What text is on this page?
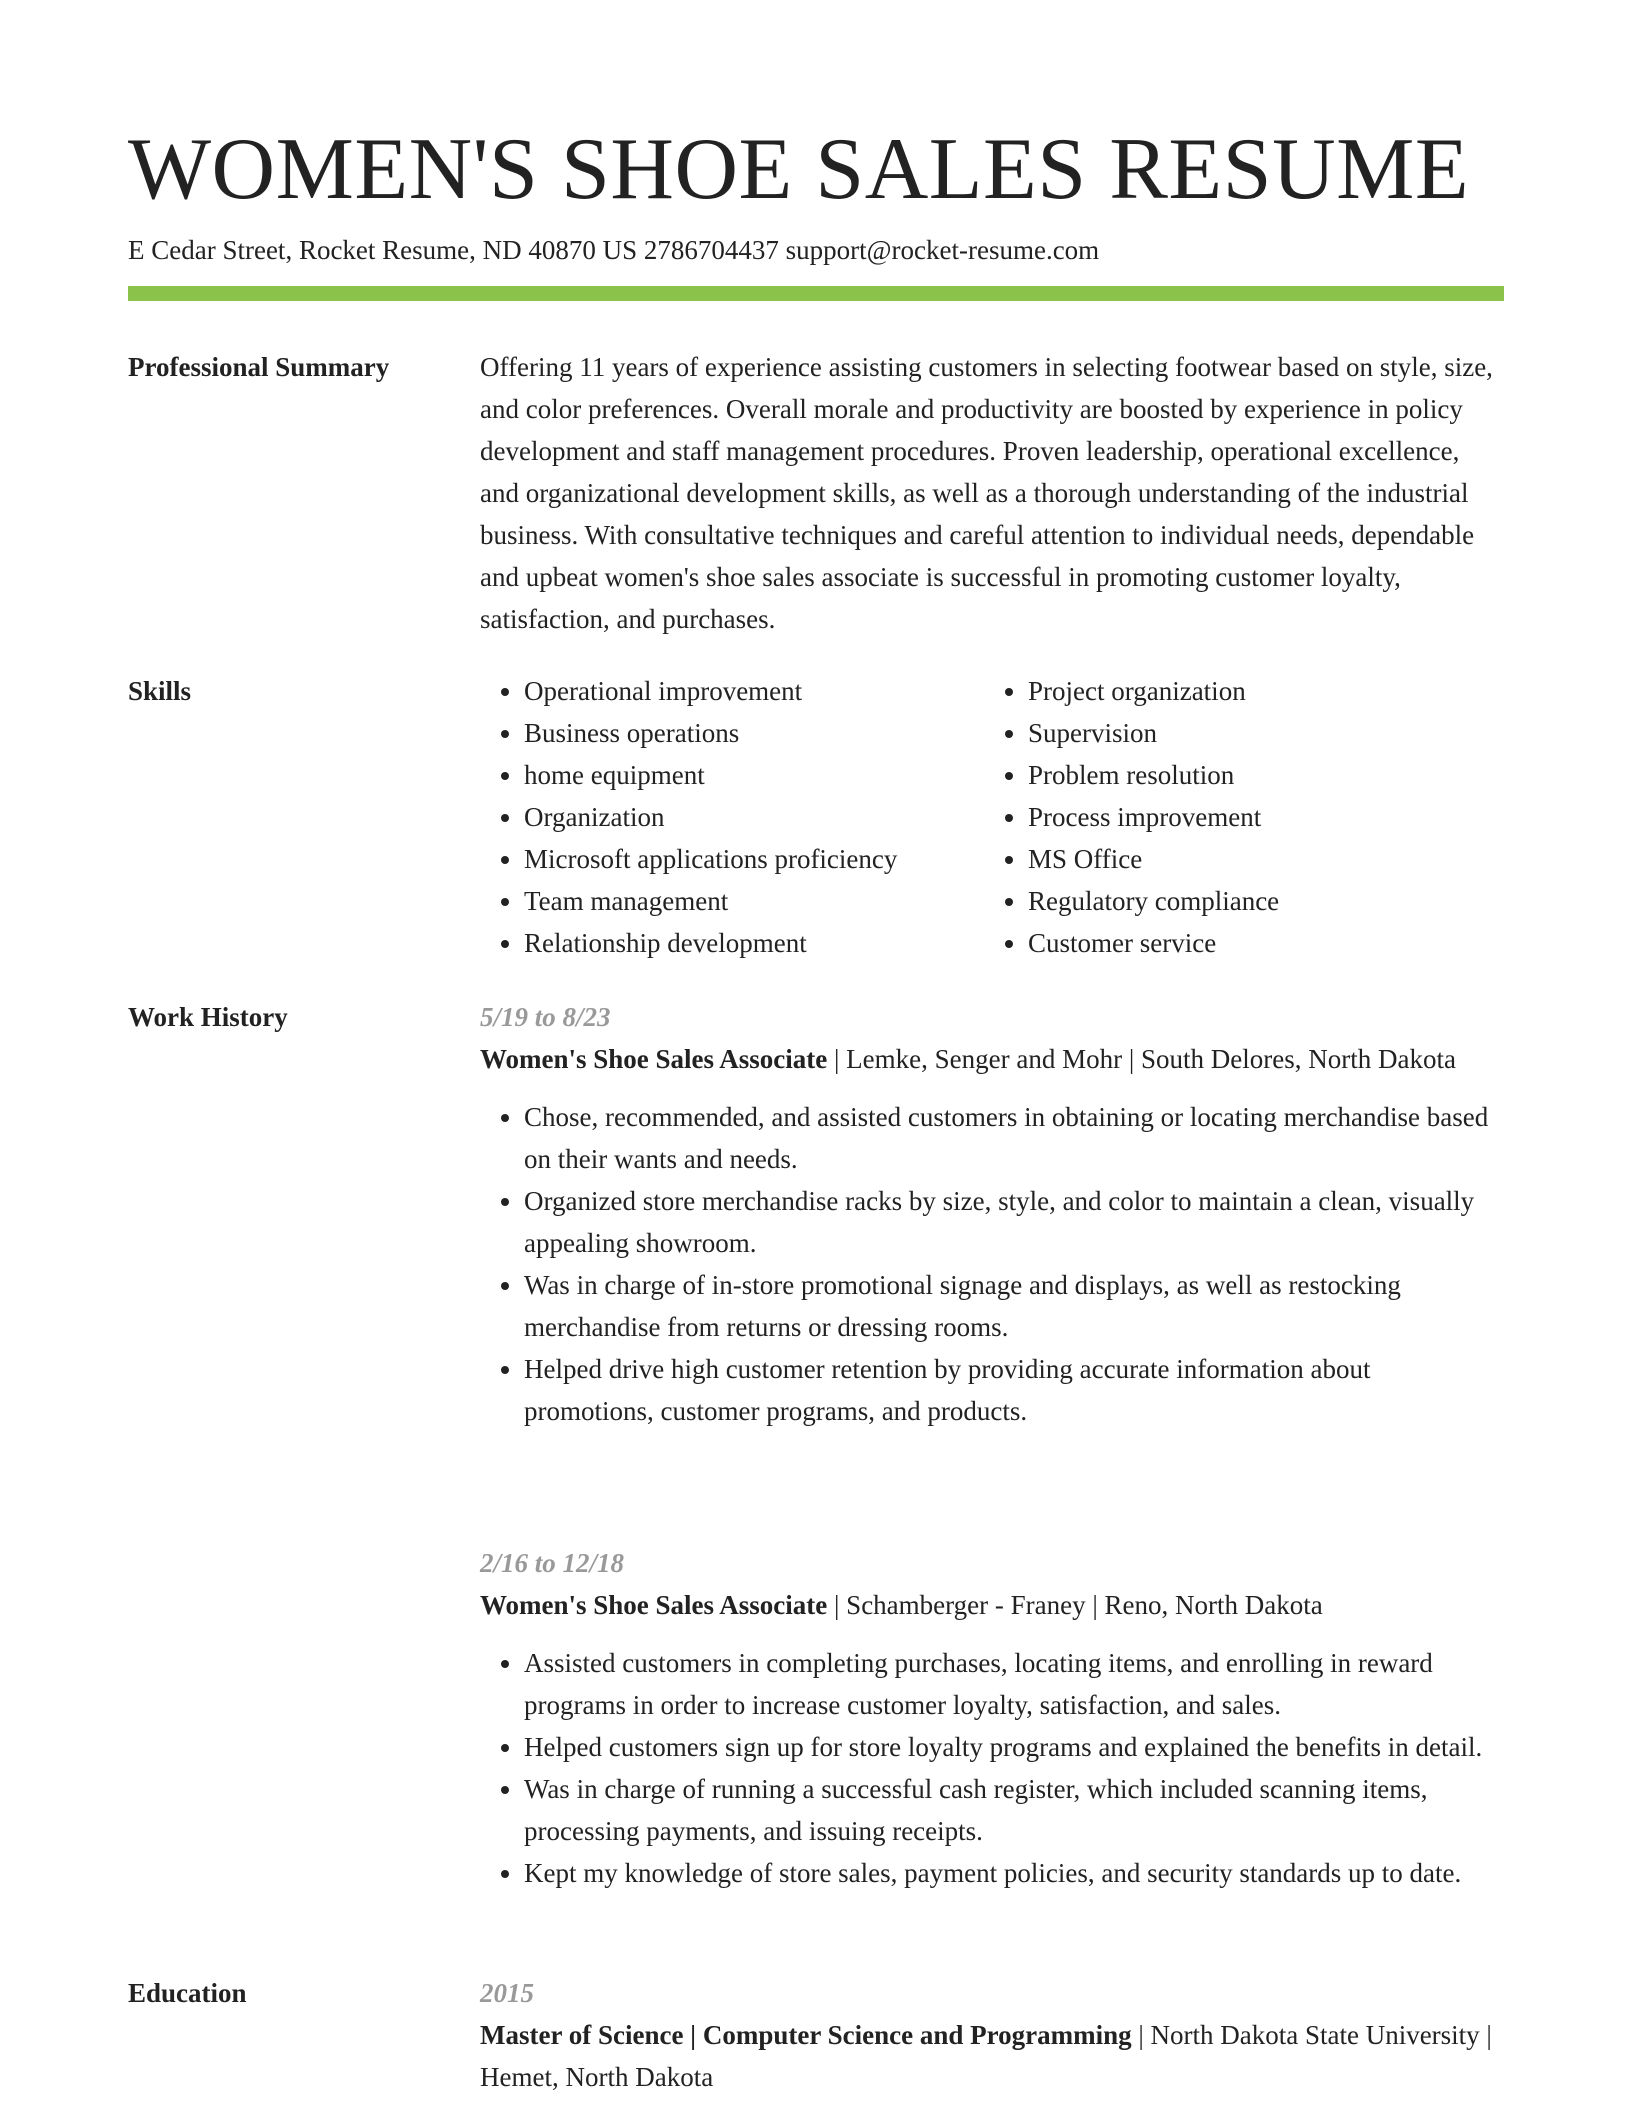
WOMEN'S SHOE SALES RESUME
E Cedar Street, Rocket Resume, ND 40870 US 2786704437 support@rocket-resume.com
Professional Summary	Offering 11 years of experience assisting customers in selecting footwear based on style, size, and color preferences. Overall morale and productivity are boosted by experience in policy development and staff management procedures. Proven leadership, operational excellence, and organizational development skills, as well as a thorough understanding of the industrial business. With consultative techniques and careful attention to individual needs, dependable and upbeat women's shoe sales associate is successful in promoting customer loyalty, satisfaction, and purchases.

Skills
•	Operational improvement
• Business operations
• home equipment
• Organization
• Microsoft applications proficiency
• Team management
• Relationship development
• Project organization
• Supervision
• Problem resolution
• Process improvement
• MS Office
• Regulatory compliance
• Customer service
Work History	5/19 to 8/23
Women's Shoe Sales Associate | Lemke, Senger and Mohr | South Delores, North Dakota
• Chose, recommended, and assisted customers in obtaining or locating merchandise based on their wants and needs.
• Organized store merchandise racks by size, style, and color to maintain a clean, visually appealing showroom.
• Was in charge of in-store promotional signage and displays, as well as restocking merchandise from returns or dressing rooms.
• Helped drive high customer retention by providing accurate information about promotions, customer programs, and products.
2/16 to 12/18
Women's Shoe Sales Associate | Schamberger - Franey | Reno, North Dakota
• Assisted customers in completing purchases, locating items, and enrolling in reward programs in order to increase customer loyalty, satisfaction, and sales.
• Helped customers sign up for store loyalty programs and explained the benefits in detail.
• Was in charge of running a successful cash register, which included scanning items, processing payments, and issuing receipts.
• Kept my knowledge of store sales, payment policies, and security standards up to date.
Education	2015
Master of Science | Computer Science and Programming | North Dakota State University | Hemet, North Dakota
